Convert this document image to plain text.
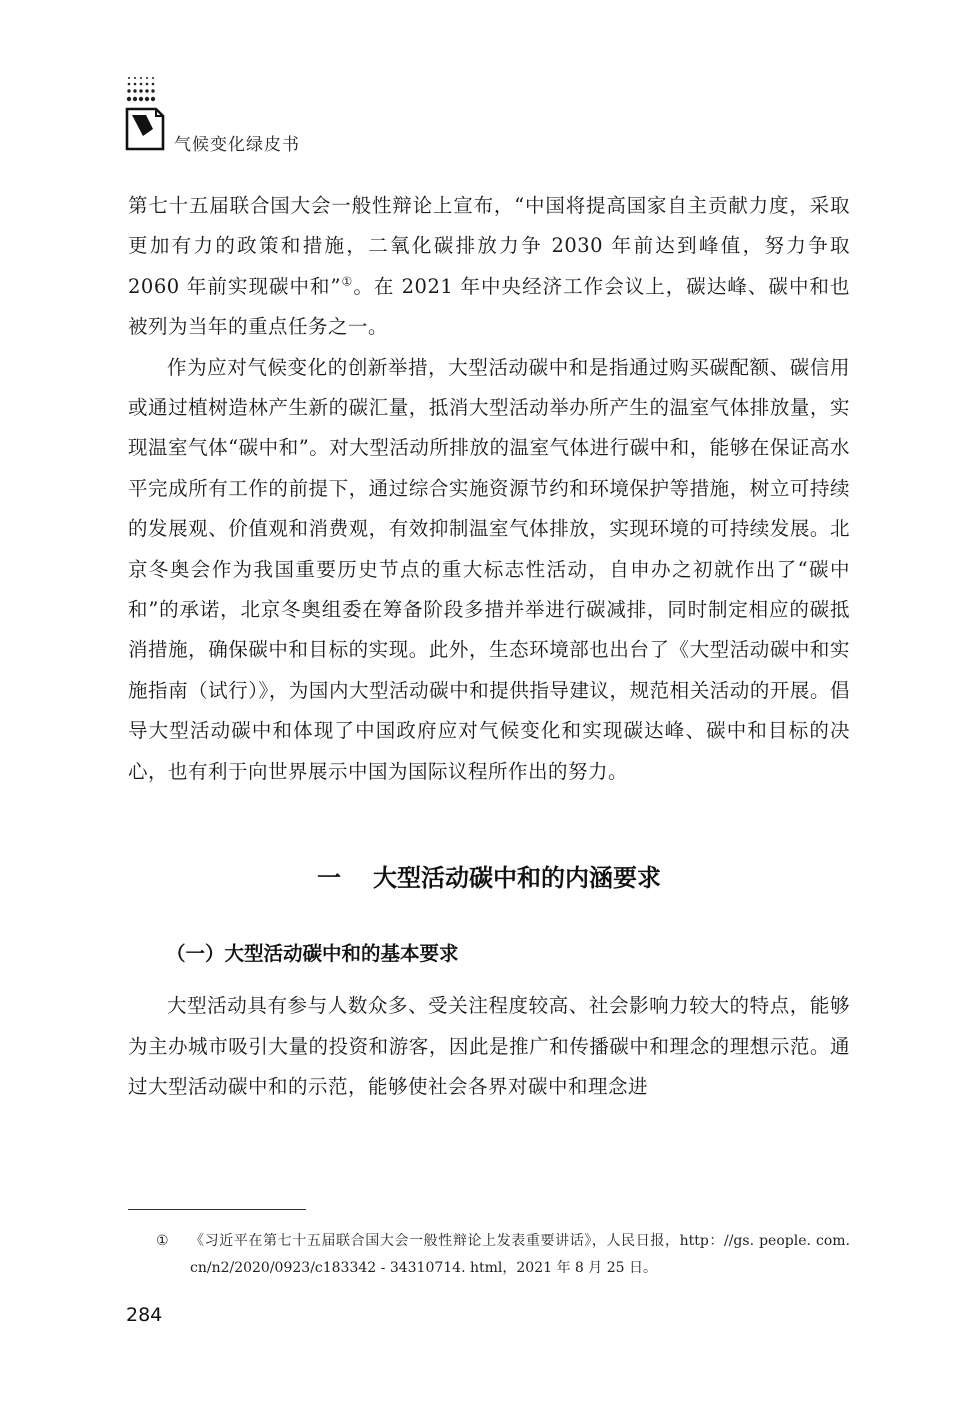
气候变化绿皮书

第七十五届联合国大会一般性辩论上宣布，“中国将提高国家自主贡献力度，采取更加有力的政策和措施，二氧化碳排放力争 2030 年前达到峰值，努力争取 2060 年前实现碳中和”①。在 2021 年中央经济工作会议上，碳达峰、碳中和也被列为当年的重点任务之一。

作为应对气候变化的创新举措，大型活动碳中和是指通过购买碳配额、碳信用或通过植树造林产生新的碳汇量，抵消大型活动举办所产生的温室气体排放量，实现温室气体“碳中和”。对大型活动所排放的温室气体进行碳中和，能够在保证高水平完成所有工作的前提下，通过综合实施资源节约和环境保护等措施，树立可持续的发展观、价值观和消费观，有效抑制温室气体排放，实现环境的可持续发展。北京冬奥会作为我国重要历史节点的重大标志性活动，自申办之初就作出了“碳中和”的承诺，北京冬奥组委在筹备阶段多措并举进行碳减排，同时制定相应的碳抵消措施，确保碳中和目标的实现。此外，生态环境部也出台了《大型活动碳中和实施指南（试行）》，为国内大型活动碳中和提供指导建议，规范相关活动的开展。倡导大型活动碳中和体现了中国政府应对气候变化和实现碳达峰、碳中和目标的决心，也有利于向世界展示中国为国际议程所作出的努力。

一 大型活动碳中和的内涵要求
（一）大型活动碳中和的基本要求

大型活动具有参与人数众多、受关注程度较高、社会影响力较大的特点，能够为主办城市吸引大量的投资和游客，因此是推广和传播碳中和理念的理想示范。通过大型活动碳中和的示范，能够使社会各界对碳中和理念进

① 《习近平在第七十五届联合国大会一般性辩论上发表重要讲话》，人民日报，http：//gs. people. com. cn/n2/2020/0923/c183342 - 34310714. html，2021 年 8 月 25 日。
284
